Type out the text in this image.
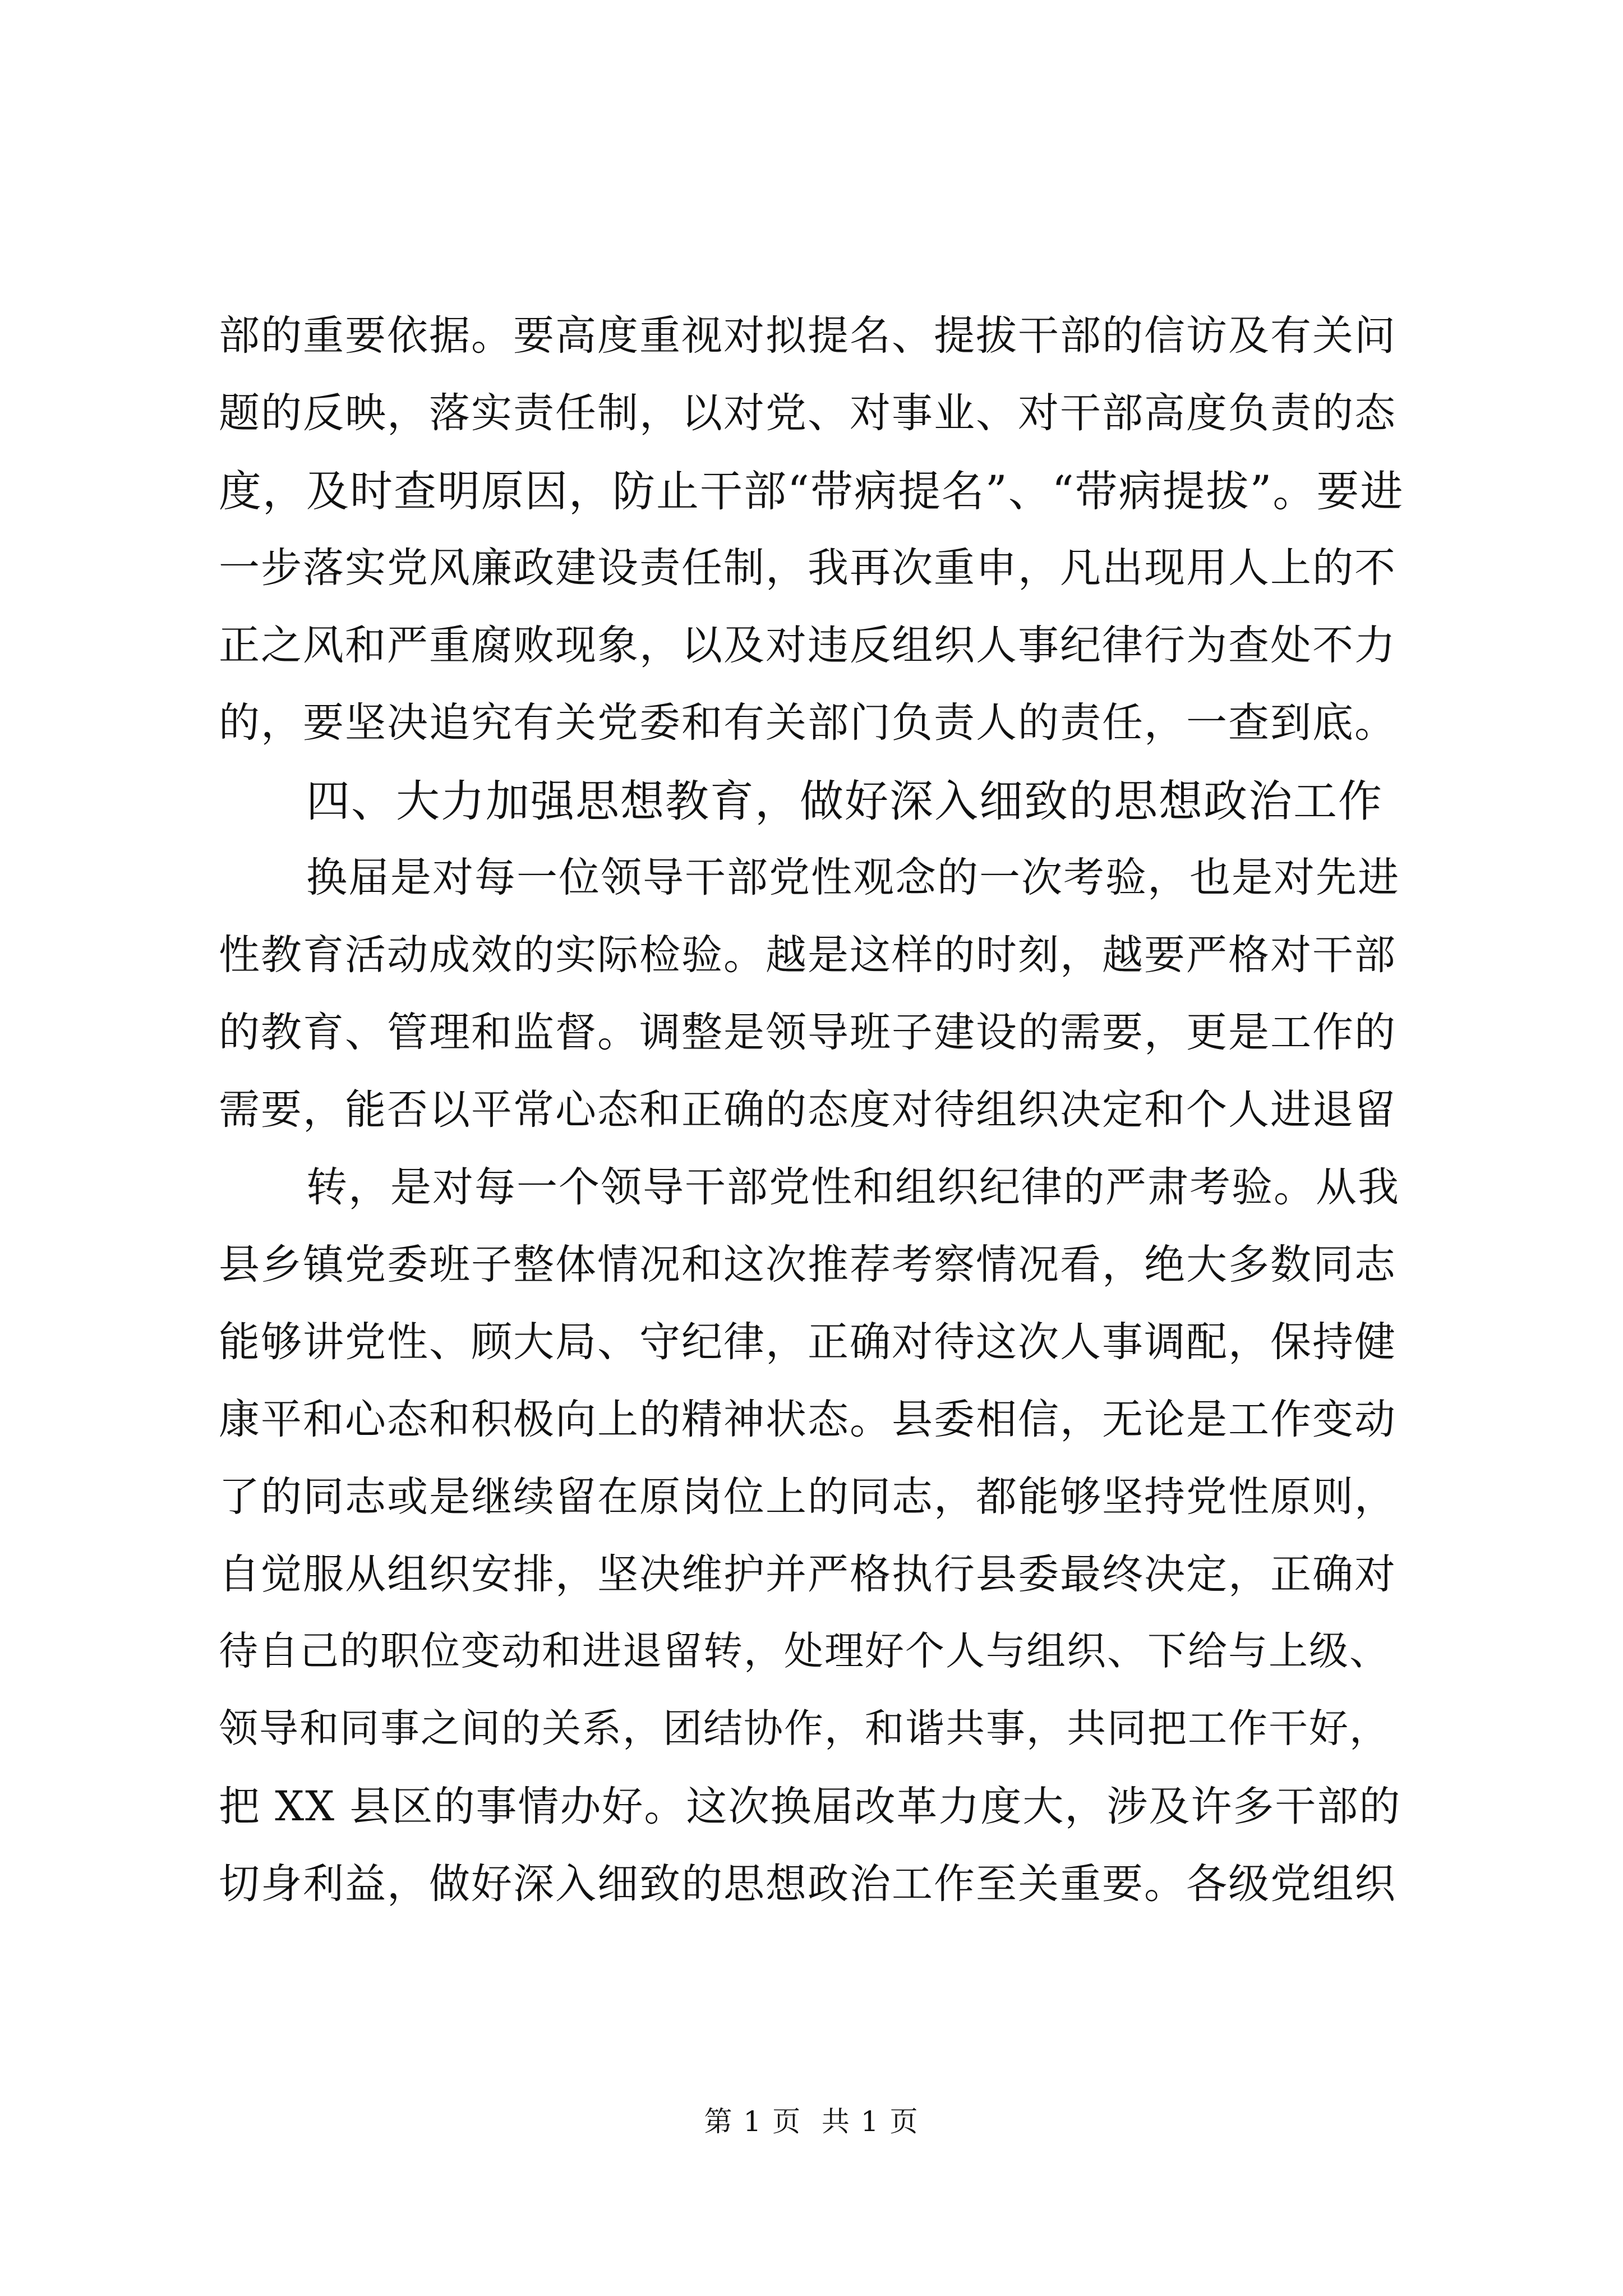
部的重要依据。要高度重视对拟提名、提拔干部的信访及有关问
题的反映，落实责任制，以对党、对事业、对干部高度负责的态
度，及时查明原因，防止干部“带病提名”、“带病提拔”。要进
一步落实党风廉政建设责任制，我再次重申，凡出现用人上的不
正之风和严重腐败现象，以及对违反组织人事纪律行为查处不力
的，要坚决追究有关党委和有关部门负责人的责任，一查到底。
四、大力加强思想教育，做好深入细致的思想政治工作
换届是对每一位领导干部党性观念的一次考验，也是对先进
性教育活动成效的实际检验。越是这样的时刻，越要严格对干部
的教育、管理和监督。调整是领导班子建设的需要，更是工作的
需要，能否以平常心态和正确的态度对待组织决定和个人进退留
转，是对每一个领导干部党性和组织纪律的严肃考验。从我
县乡镇党委班子整体情况和这次推荐考察情况看，绝大多数同志
能够讲党性、顾大局、守纪律，正确对待这次人事调配，保持健
康平和心态和积极向上的精神状态。县委相信，无论是工作变动
了的同志或是继续留在原岗位上的同志，都能够坚持党性原则，
自觉服从组织安排，坚决维护并严格执行县委最终决定，正确对
待自己的职位变动和进退留转，处理好个人与组织、下给与上级、
领导和同事之间的关系，团结协作，和谐共事，共同把工作干好，
把 XX 县区的事情办好。这次换届改革力度大，涉及许多干部的
切身利益，做好深入细致的思想政治工作至关重要。各级党组织
第 1 页  共 1 页
